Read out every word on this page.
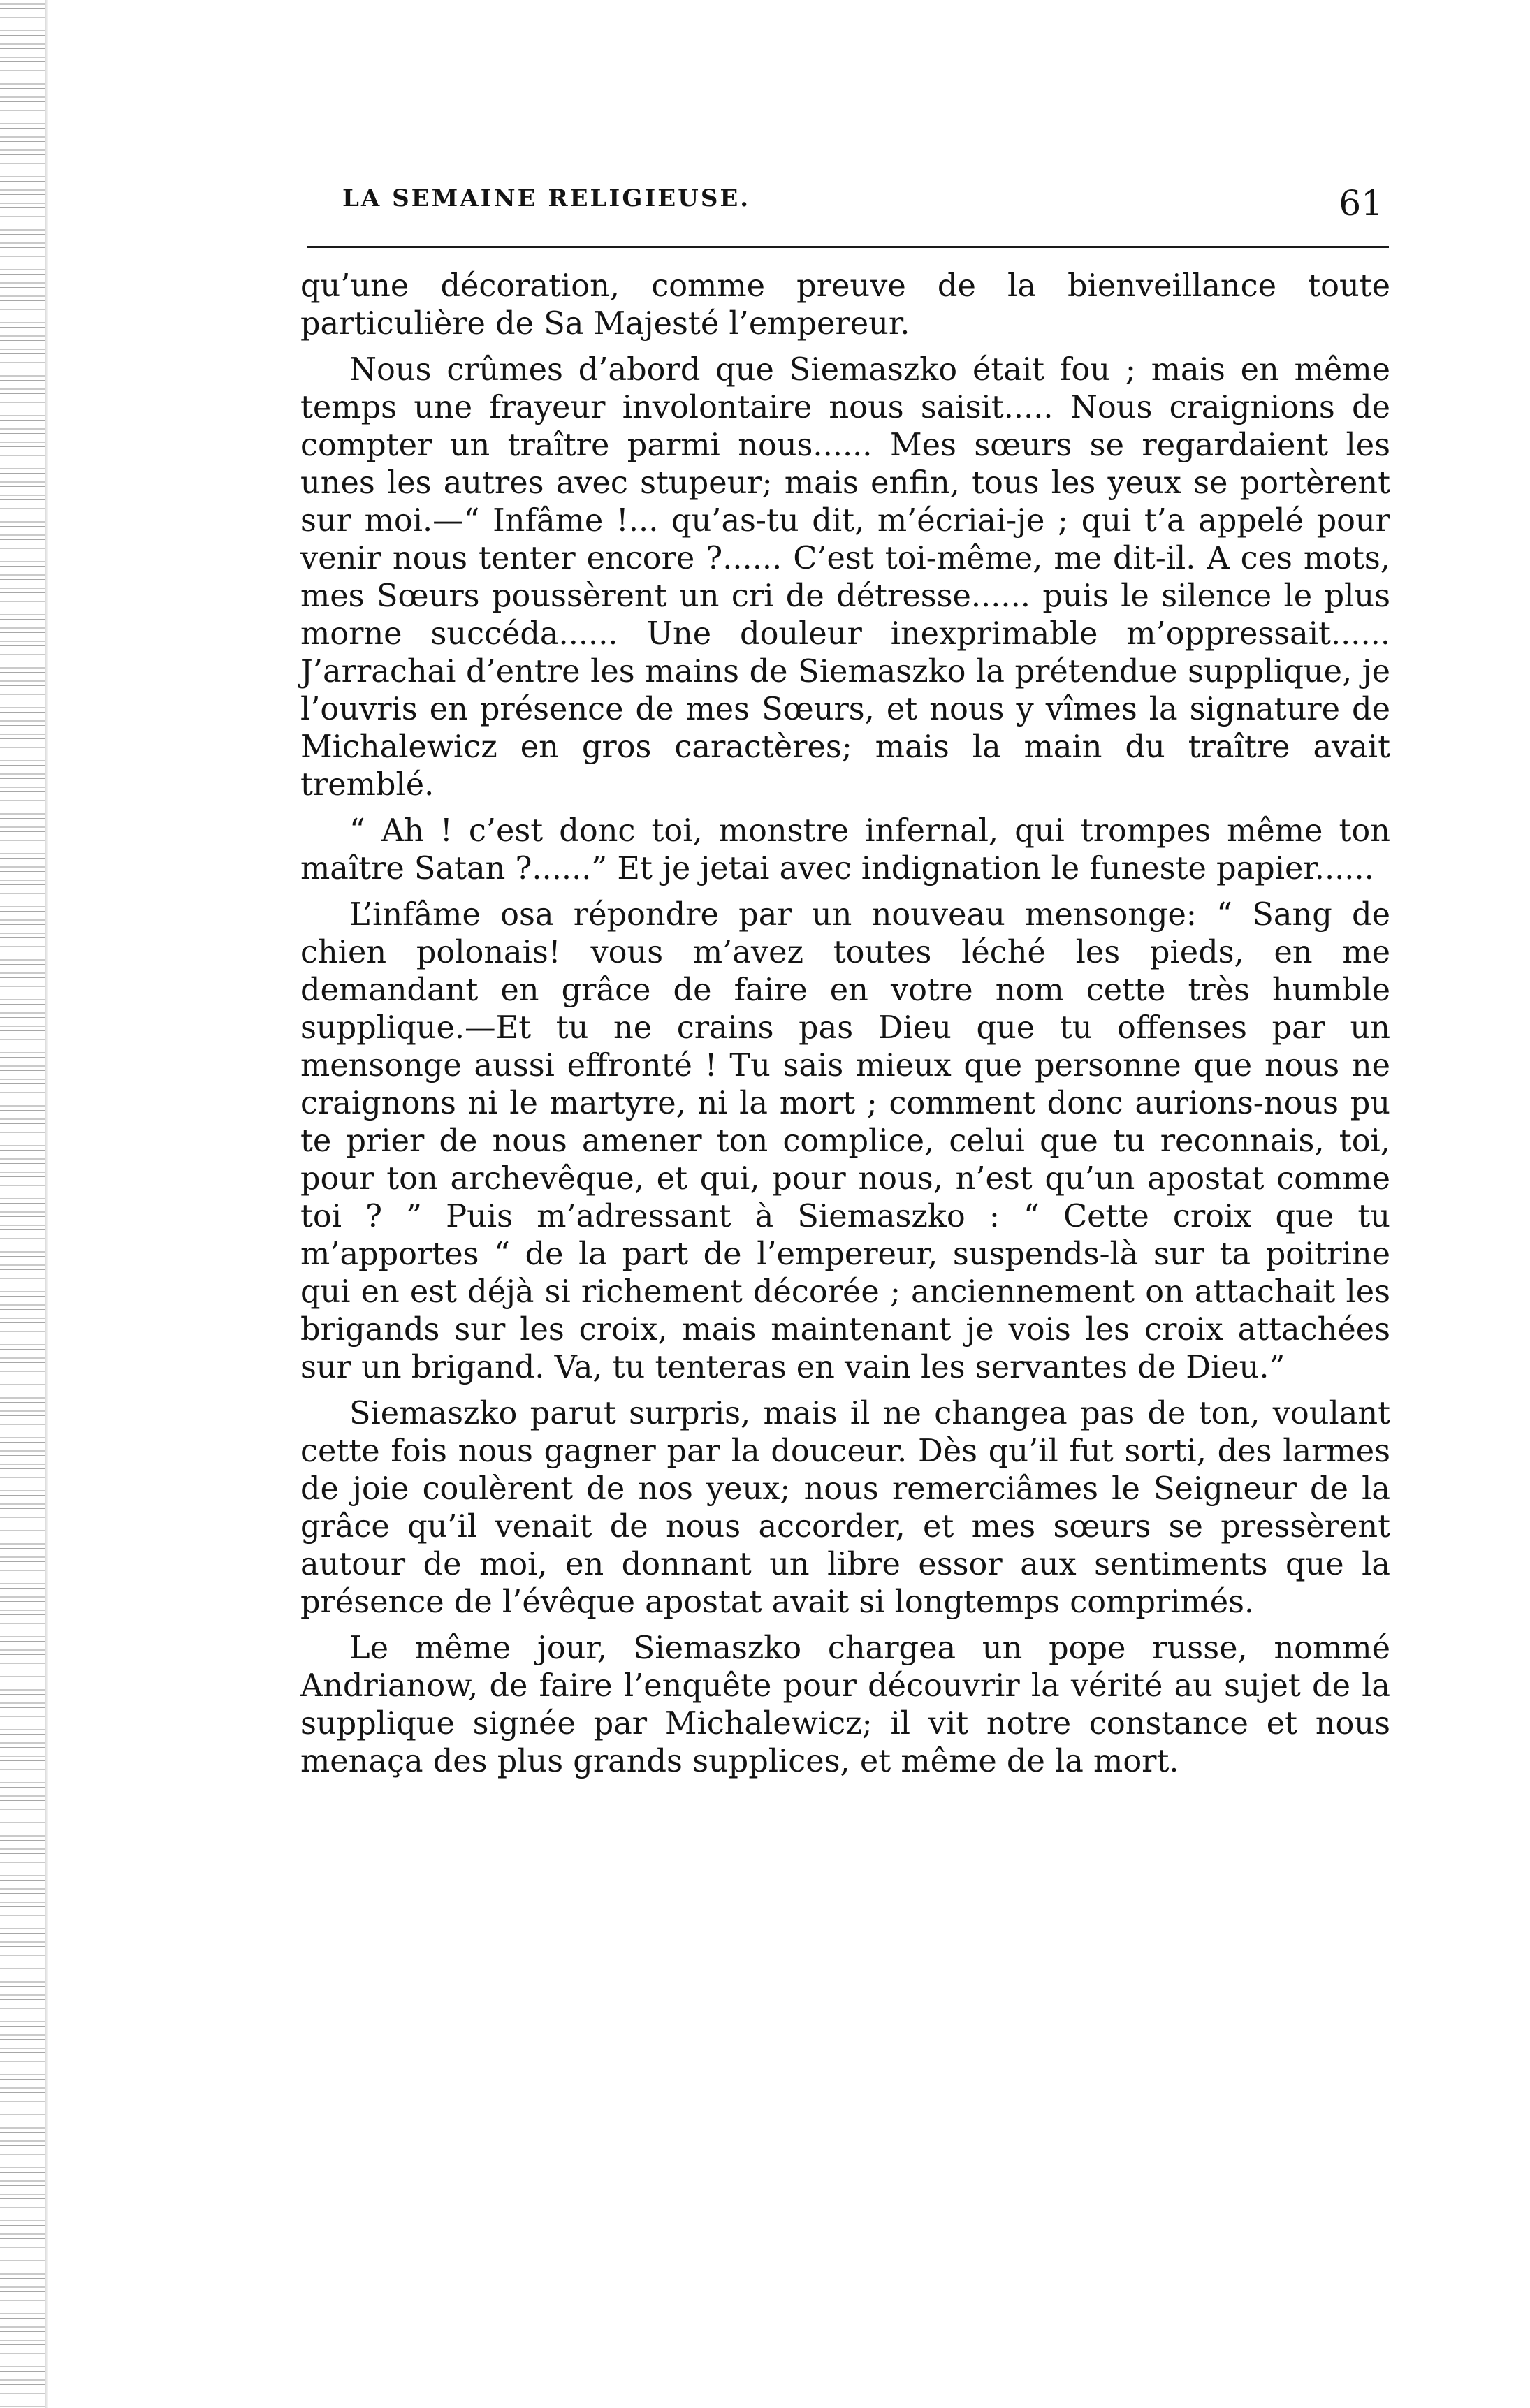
LA SEMAINE RELIGIEUSE.	61

qu’une décoration, comme preuve de la bienveillance toute particulière de Sa Majesté l’empereur.

Nous crûmes d’abord que Siemaszko était fou ; mais en même temps une frayeur involontaire nous saisit..... Nous craignions de compter un traître parmi nous...... Mes sœurs se regardaient les unes les autres avec stupeur; mais enfin, tous les yeux se portèrent sur moi.—“ Infâme !... qu’as-tu dit, m’écriai-je ; qui t’a appelé pour venir nous tenter encore ?...... C’est toi-même, me dit-il. A ces mots, mes Sœurs poussèrent un cri de détresse...... puis le silence le plus morne succéda...... Une douleur inexprimable m’oppressait...... J’arrachai d’entre les mains de Siemaszko la prétendue supplique, je l’ouvris en présence de mes Sœurs, et nous y vîmes la signature de Michalewicz en gros caractères; mais la main du traître avait tremblé.

“ Ah ! c’est donc toi, monstre infernal, qui trompes même ton maître Satan ?......” Et je jetai avec indignation le funeste papier......

L’infâme osa répondre par un nouveau mensonge: “ Sang de chien polonais! vous m’avez toutes léché les pieds, en me demandant en grâce de faire en votre nom cette très humble supplique.—Et tu ne crains pas Dieu que tu offenses par un mensonge aussi effronté ! Tu sais mieux que personne que nous ne craignons ni le martyre, ni la mort ; comment donc aurions-nous pu te prier de nous amener ton complice, celui que tu reconnais, toi, pour ton archevêque, et qui, pour nous, n’est qu’un apostat comme toi ? ” Puis m’adressant à Siemaszko : “ Cette croix que tu m’apportes “ de la part de l’empereur, suspends-là sur ta poitrine qui en est déjà si richement décorée ; anciennement on attachait les brigands sur les croix, mais maintenant je vois les croix attachées sur un brigand. Va, tu tenteras en vain les servantes de Dieu.”

Siemaszko parut surpris, mais il ne changea pas de ton, voulant cette fois nous gagner par la douceur. Dès qu’il fut sorti, des larmes de joie coulèrent de nos yeux; nous remerciâmes le Seigneur de la grâce qu’il venait de nous accorder, et mes sœurs se pressèrent autour de moi, en donnant un libre essor aux sentiments que la présence de l’évêque apostat avait si longtemps comprimés.

Le même jour, Siemaszko chargea un pope russe, nommé Andrianow, de faire l’enquête pour découvrir la vérité au sujet de la supplique signée par Michalewicz; il vit notre constance et nous menaça des plus grands supplices, et même de la mort.
